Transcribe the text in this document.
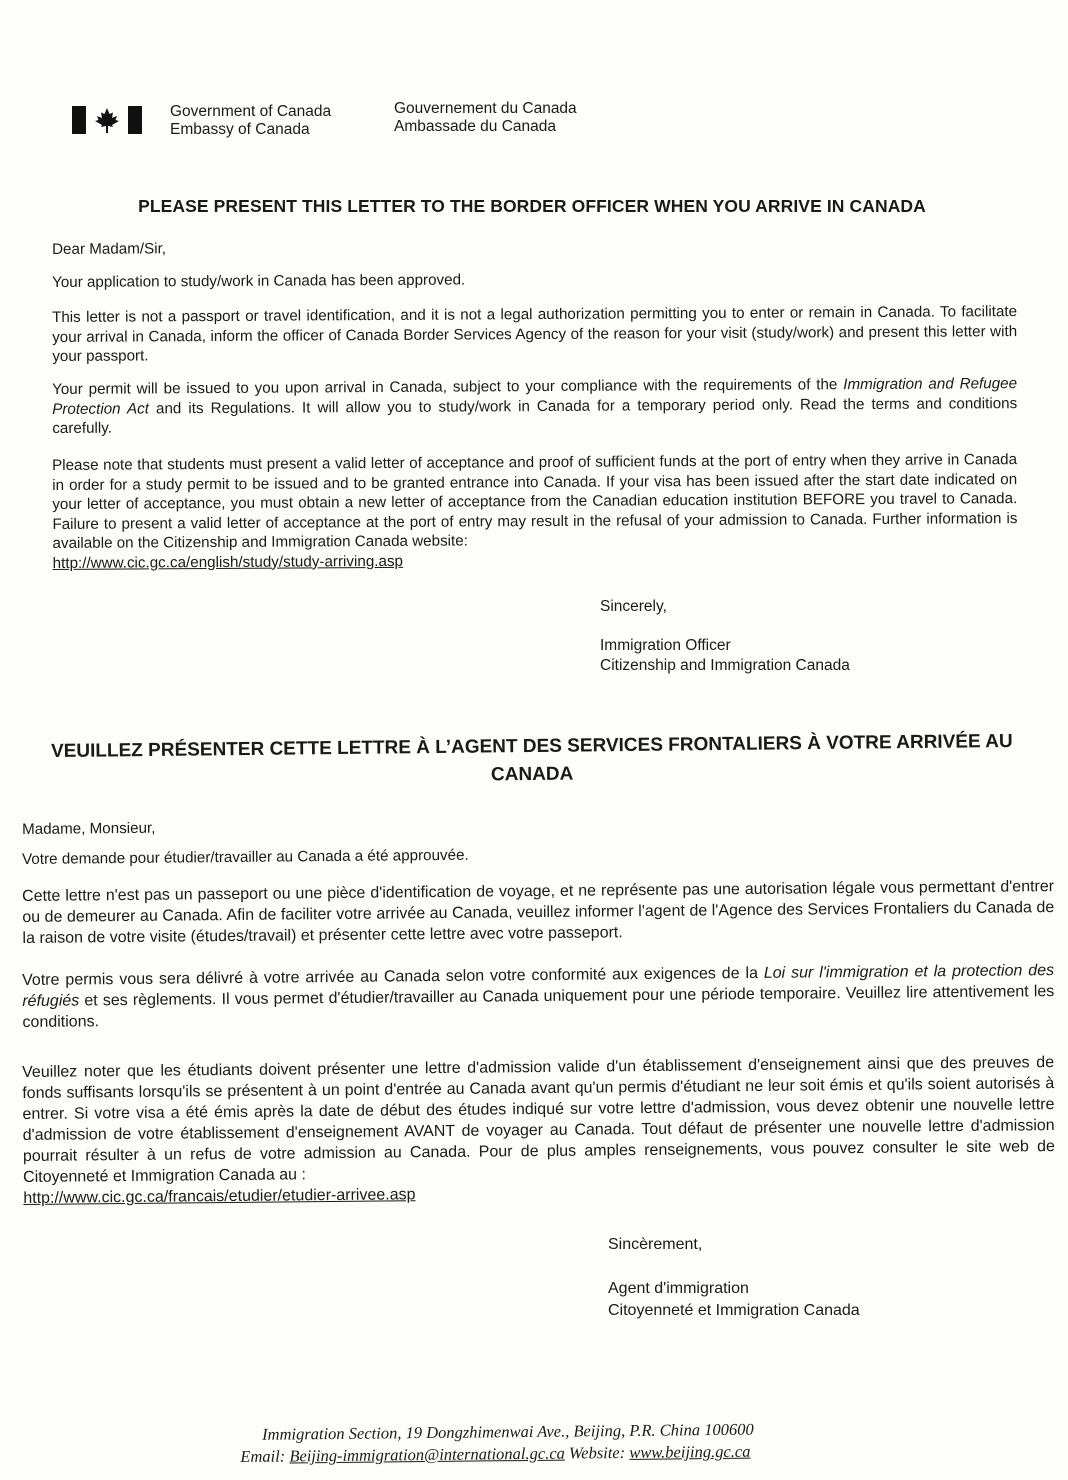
Government of Canada
Embassy of Canada
Gouvernement du Canada
Ambassade du Canada
PLEASE PRESENT THIS LETTER TO THE BORDER OFFICER WHEN YOU ARRIVE IN CANADA
Dear Madam/Sir,
Your application to study/work in Canada has been approved.
This letter is not a passport or travel identification, and it is not a legal authorization permitting you to enter or remain in Canada. To facilitate your arrival in Canada, inform the officer of Canada Border Services Agency of the reason for your visit (study/work) and present this letter with your passport.
Your permit will be issued to you upon arrival in Canada, subject to your compliance with the requirements of the Immigration and Refugee Protection Act and its Regulations. It will allow you to study/work in Canada for a temporary period only. Read the terms and conditions carefully.
Please note that students must present a valid letter of acceptance and proof of sufficient funds at the port of entry when they arrive in Canada in order for a study permit to be issued and to be granted entrance into Canada. If your visa has been issued after the start date indicated on your letter of acceptance, you must obtain a new letter of acceptance from the Canadian education institution BEFORE you travel to Canada. Failure to present a valid letter of acceptance at the port of entry may result in the refusal of your admission to Canada. Further information is available on the Citizenship and Immigration Canada website:
http://www.cic.gc.ca/english/study/study-arriving.asp
Sincerely,
Immigration Officer
Citizenship and Immigration Canada
VEUILLEZ PRÉSENTER CETTE LETTRE À L’AGENT DES SERVICES FRONTALIERS À VOTRE ARRIVÉE AU CANADA
Madame, Monsieur,
Votre demande pour étudier/travailler au Canada a été approuvée.
Cette lettre n'est pas un passeport ou une pièce d'identification de voyage, et ne représente pas une autorisation légale vous permettant d'entrer ou de demeurer au Canada. Afin de faciliter votre arrivée au Canada, veuillez informer l'agent de l'Agence des Services Frontaliers du Canada de la raison de votre visite (études/travail) et présenter cette lettre avec votre passeport.
Votre permis vous sera délivré à votre arrivée au Canada selon votre conformité aux exigences de la Loi sur l'immigration et la protection des réfugiés et ses règlements. Il vous permet d'étudier/travailler au Canada uniquement pour une période temporaire. Veuillez lire attentivement les conditions.
Veuillez noter que les étudiants doivent présenter une lettre d'admission valide d'un établissement d'enseignement ainsi que des preuves de fonds suffisants lorsqu'ils se présentent à un point d'entrée au Canada avant qu'un permis d'étudiant ne leur soit émis et qu'ils soient autorisés à entrer. Si votre visa a été émis après la date de début des études indiqué sur votre lettre d'admission, vous devez obtenir une nouvelle lettre d'admission de votre établissement d'enseignement AVANT de voyager au Canada. Tout défaut de présenter une nouvelle lettre d'admission pourrait résulter à un refus de votre admission au Canada. Pour de plus amples renseignements, vous pouvez consulter le site web de Citoyenneté et Immigration Canada au :
http://www.cic.gc.ca/francais/etudier/etudier-arrivee.asp
Sincèrement,
Agent d'immigration
Citoyenneté et Immigration Canada
Immigration Section, 19 Dongzhimenwai Ave., Beijing, P.R. China 100600
Email: Beijing-immigration@international.gc.ca Website: www.beijing.gc.ca
